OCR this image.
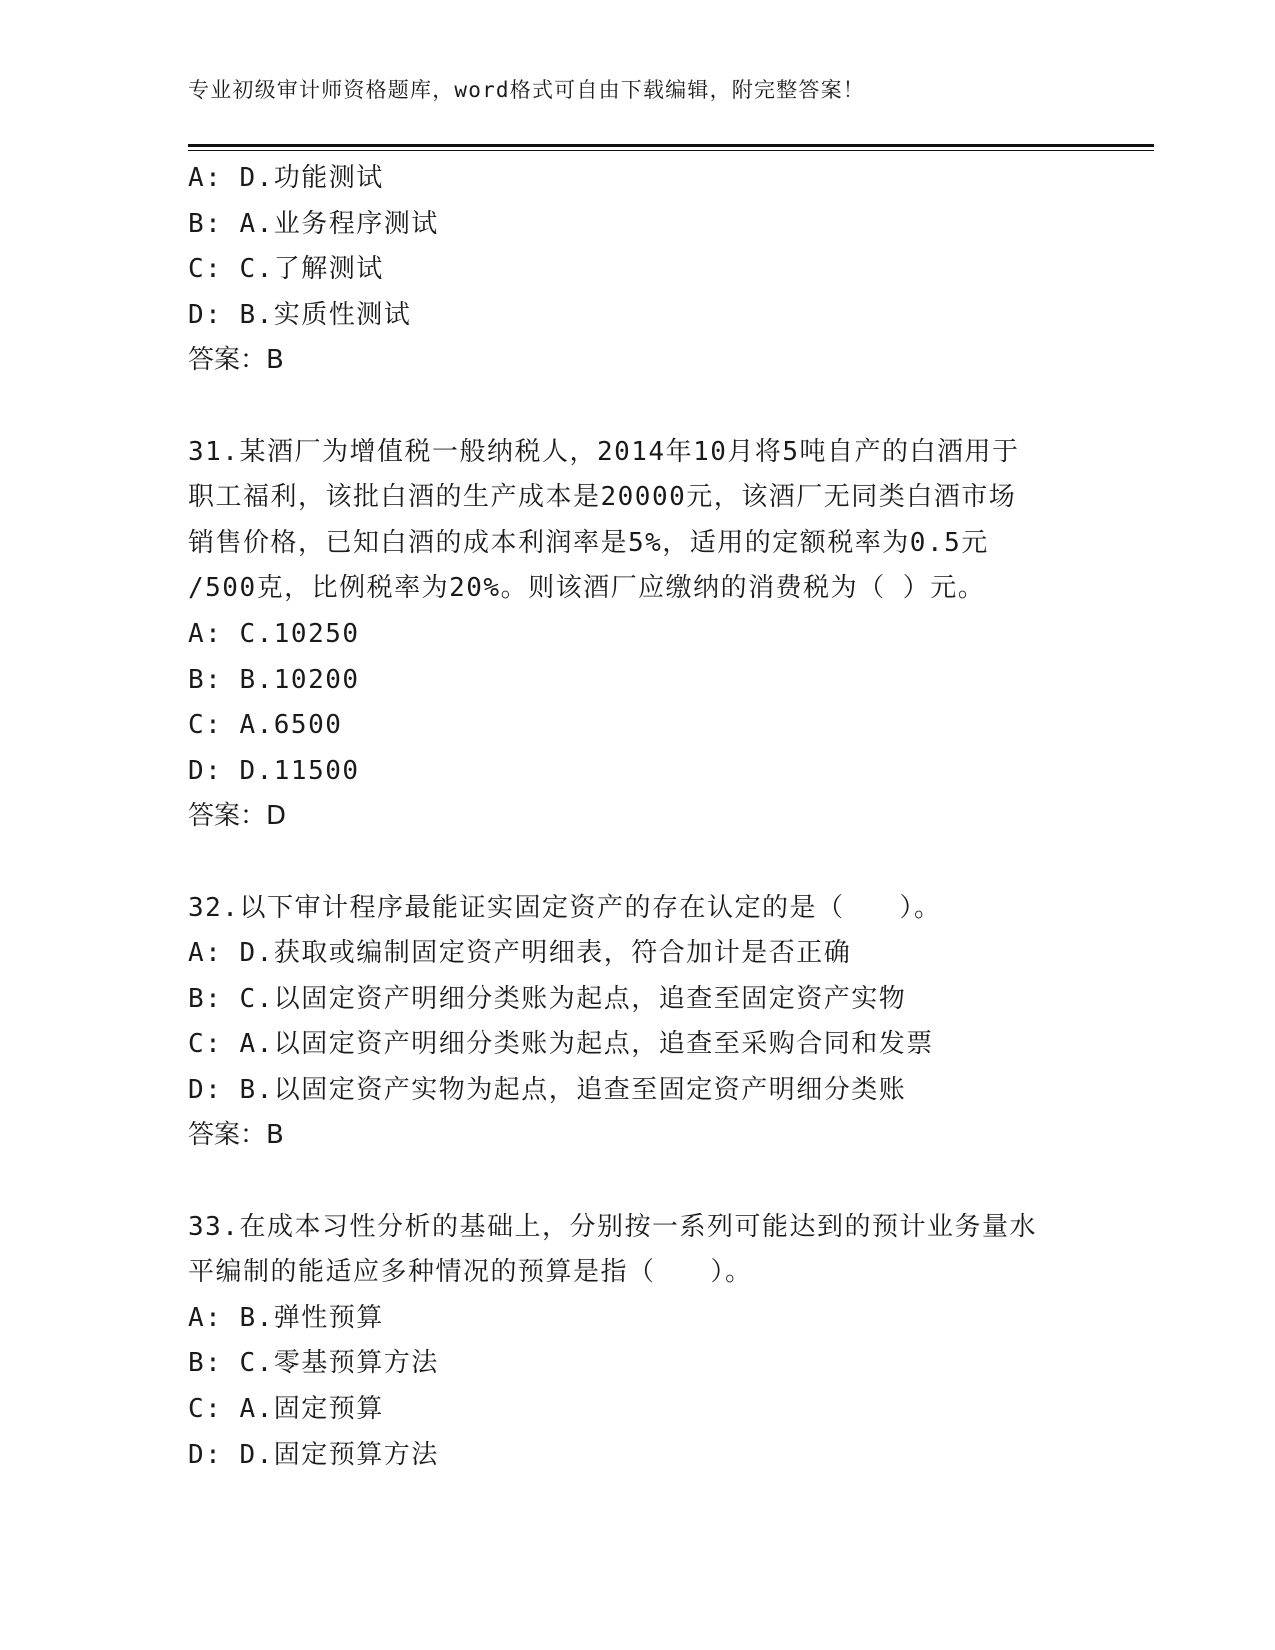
专业初级审计师资格题库，word格式可自由下载编辑，附完整答案！
A: D.功能测试
B: A.业务程序测试
C: C.了解测试
D: B.实质性测试
答案：B
31.某酒厂为增值税一般纳税人，2014年10月将5吨自产的白酒用于
职工福利，该批白酒的生产成本是20000元，该酒厂无同类白酒市场
销售价格，已知白酒的成本利润率是5%，适用的定额税率为0.5元
/500克，比例税率为20%。则该酒厂应缴纳的消费税为（ ）元。
A: C.10250
B: B.10200
C: A.6500
D: D.11500
答案：D
32.以下审计程序最能证实固定资产的存在认定的是（　　）。
A: D.获取或编制固定资产明细表，符合加计是否正确
B: C.以固定资产明细分类账为起点，追查至固定资产实物
C: A.以固定资产明细分类账为起点，追查至采购合同和发票
D: B.以固定资产实物为起点，追查至固定资产明细分类账
答案：B
33.在成本习性分析的基础上，分别按一系列可能达到的预计业务量水
平编制的能适应多种情况的预算是指（　　）。
A: B.弹性预算
B: C.零基预算方法
C: A.固定预算
D: D.固定预算方法
